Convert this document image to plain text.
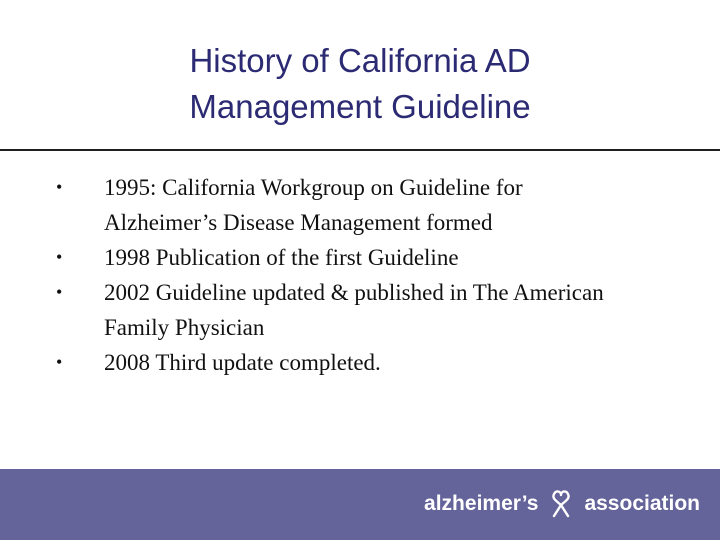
History of California AD
Management Guideline
• 1995: California Workgroup on Guideline for Alzheimer’s Disease Management formed
• 1998 Publication of the first Guideline
• 2002 Guideline updated & published in The American Family Physician
• 2008 Third update completed.
alzheimer’s association
